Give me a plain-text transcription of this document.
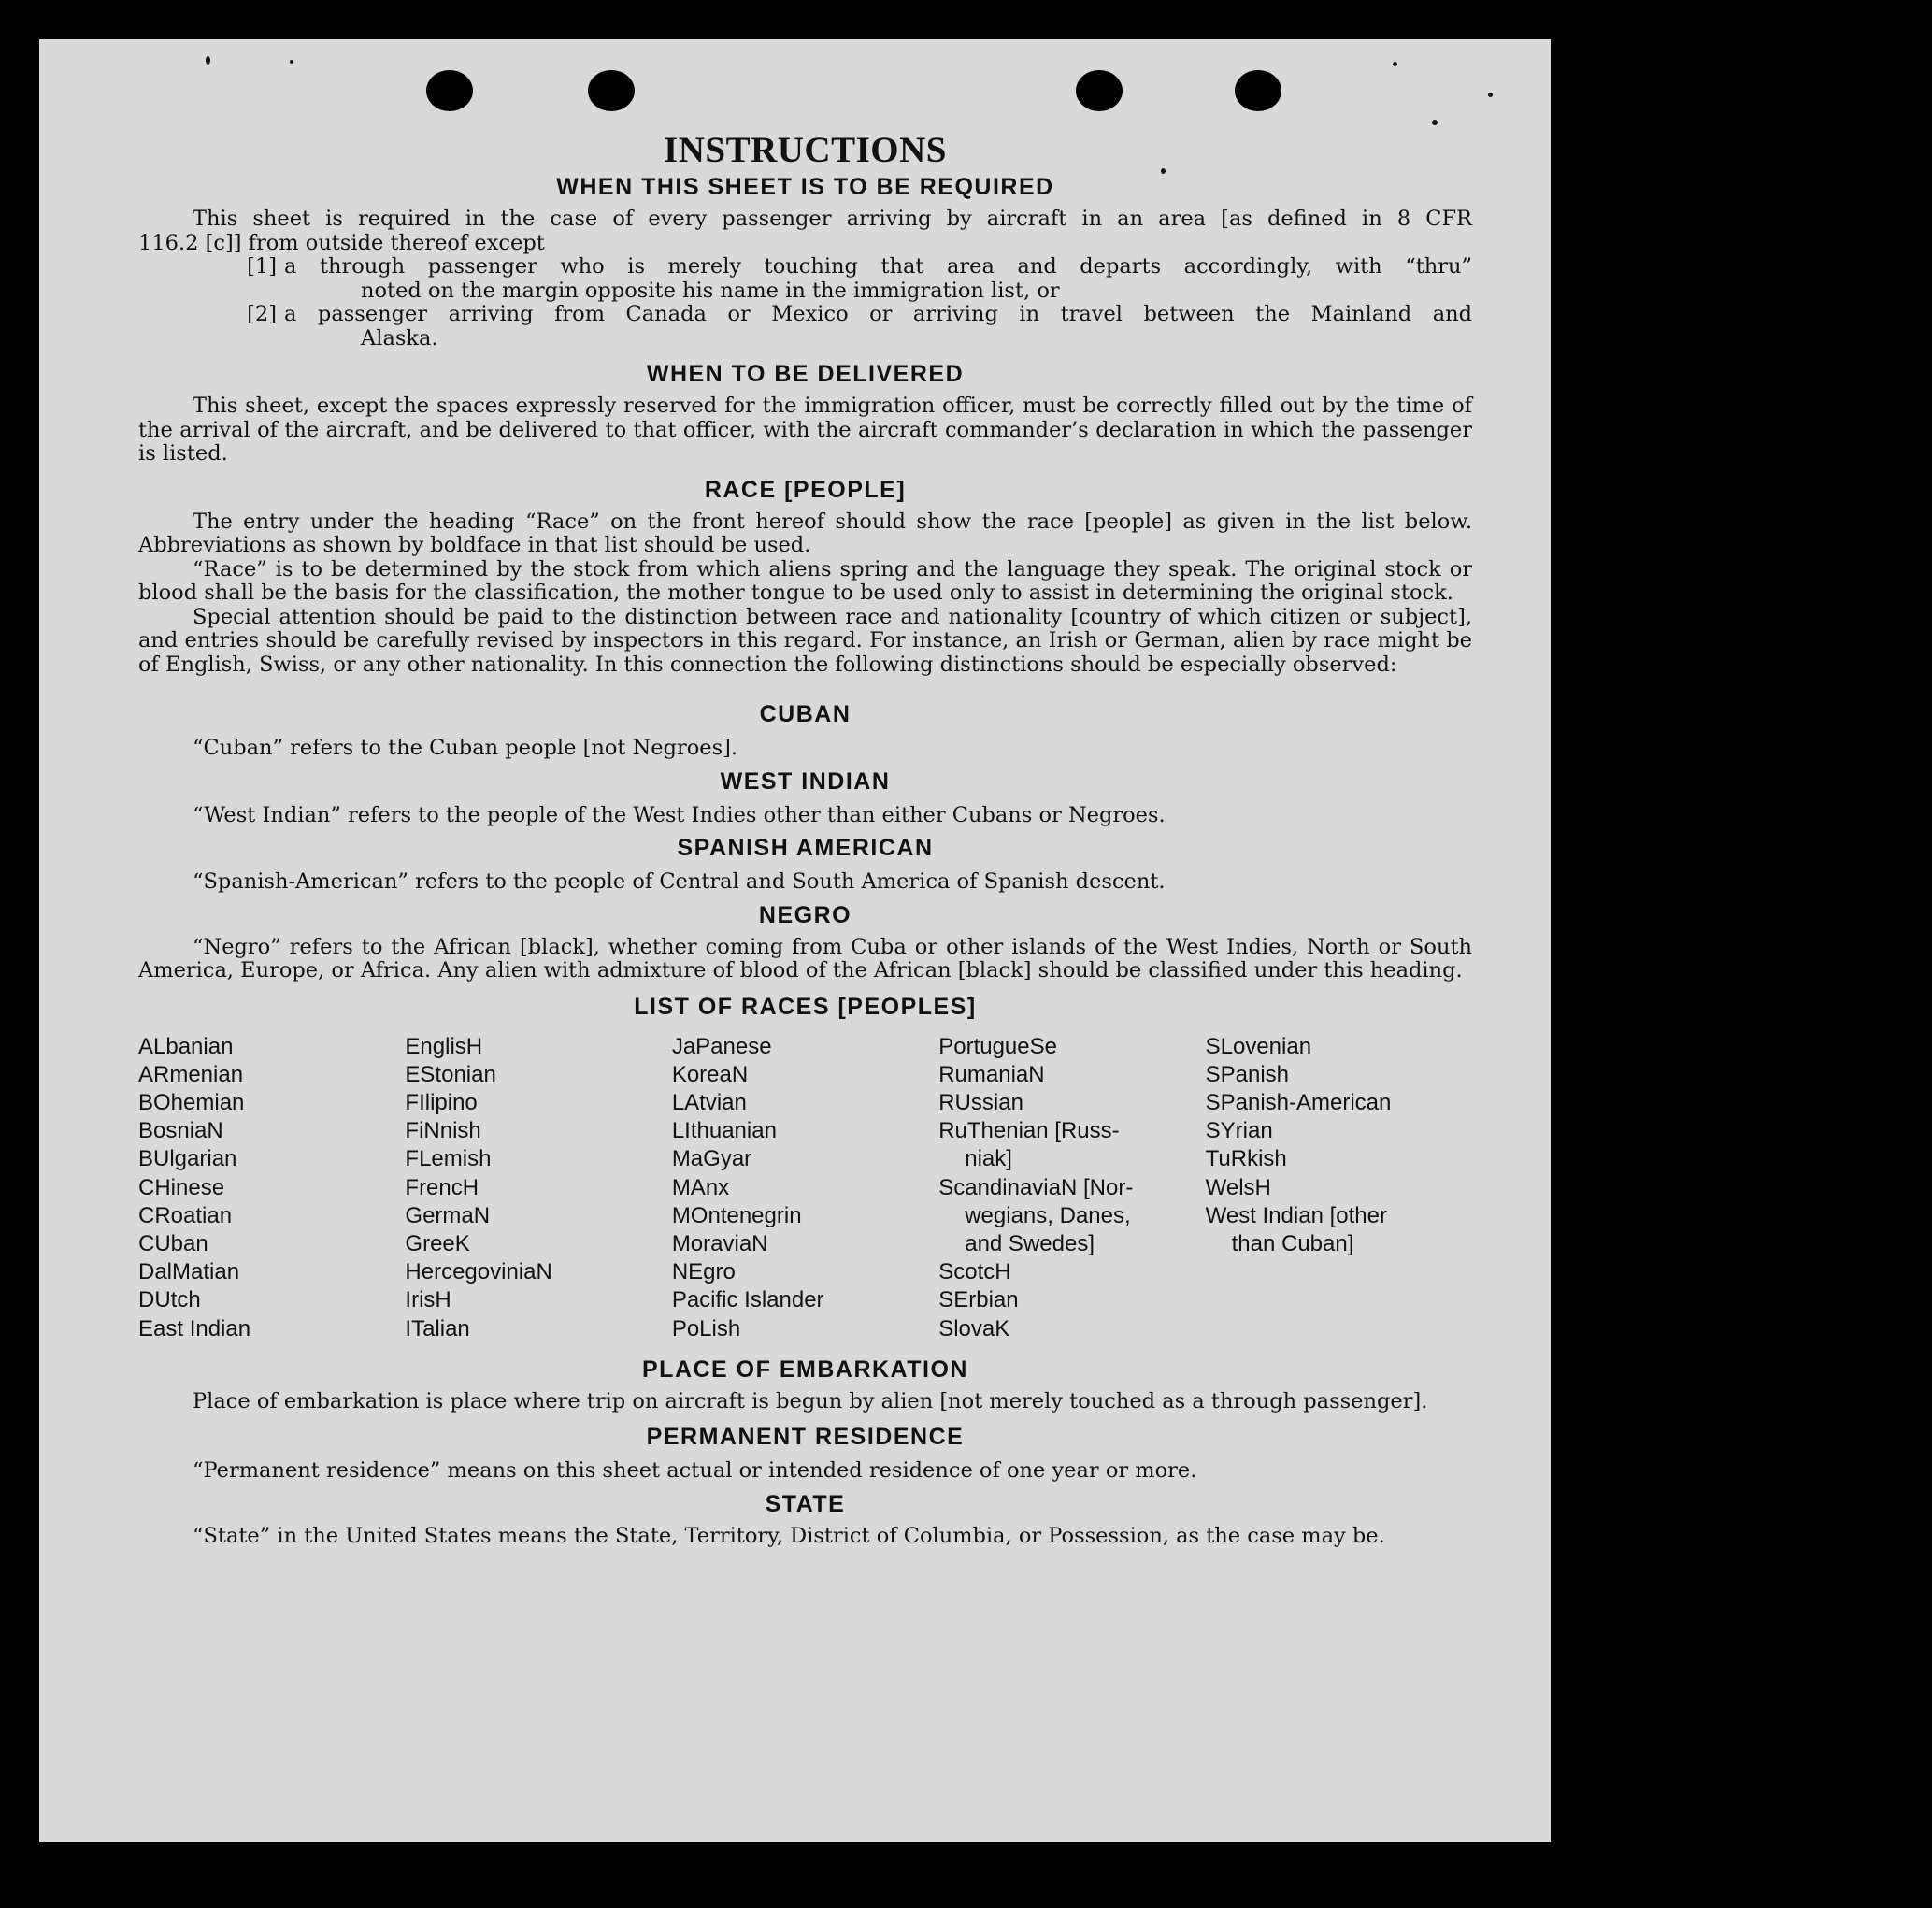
INSTRUCTIONS
WHEN THIS SHEET IS TO BE REQUIRED
This sheet is required in the case of every passenger arriving by aircraft in an area [as defined in 8 CFR
116.2 [c]] from outside thereof except
[1] a through passenger who is merely touching that area and departs accordingly, with “thru”
noted on the margin opposite his name in the immigration list, or
[2] a passenger arriving from Canada or Mexico or arriving in travel between the Mainland and
Alaska.
WHEN TO BE DELIVERED

This sheet, except the spaces expressly reserved for the immigration officer, must be correctly filled out by the time of the arrival of the aircraft, and be delivered to that officer, with the aircraft commander’s declaration in which the passenger is listed.

RACE [PEOPLE]

The entry under the heading “Race” on the front hereof should show the race [people] as given in the list below. Abbreviations as shown by boldface in that list should be used.

“Race” is to be determined by the stock from which aliens spring and the language they speak. The original stock or blood shall be the basis for the classification, the mother tongue to be used only to assist in determining the original stock.

Special attention should be paid to the distinction between race and nationality [country of which citizen or subject], and entries should be carefully revised by inspectors in this regard. For instance, an Irish or German, alien by race might be of English, Swiss, or any other nationality. In this connection the following distinctions should be especially observed:

CUBAN

“Cuban” refers to the Cuban people [not Negroes].

WEST INDIAN

“West Indian” refers to the people of the West Indies other than either Cubans or Negroes.

SPANISH AMERICAN

“Spanish-American” refers to the people of Central and South America of Spanish descent.

NEGRO

“Negro” refers to the African [black], whether coming from Cuba or other islands of the West Indies, North or South America, Europe, or Africa. Any alien with admixture of blood of the African [black] should be classified under this heading.

LIST OF RACES [PEOPLES]
ALbanian
ARmenian
BOhemian
BosniaN
BUlgarian
CHinese
CRoatian
CUban
DalMatian
DUtch
East Indian
EnglisH
EStonian
FIlipino
FiNnish
FLemish
FrencH
GermaN
GreeK
HercegoviniaN
IrisH
ITalian
JaPanese
KoreaN
LAtvian
LIthuanian
MaGyar
MAnx
MOntenegrin
MoraviaN
NEgro
Pacific Islander
PoLish
PortugueSe
RumaniaN
RUssian
RuThenian [Russ-
niak]
ScandinaviaN [Nor-
wegians, Danes,
and Swedes]
ScotcH
SErbian
SlovaK
SLovenian
SPanish
SPanish-American
SYrian
TuRkish
WelsH
West Indian [other
than Cuban]
PLACE OF EMBARKATION

Place of embarkation is place where trip on aircraft is begun by alien [not merely touched as a through passenger].

PERMANENT RESIDENCE

“Permanent residence” means on this sheet actual or intended residence of one year or more.

STATE

“State” in the United States means the State, Territory, District of Columbia, or Possession, as the case may be.
